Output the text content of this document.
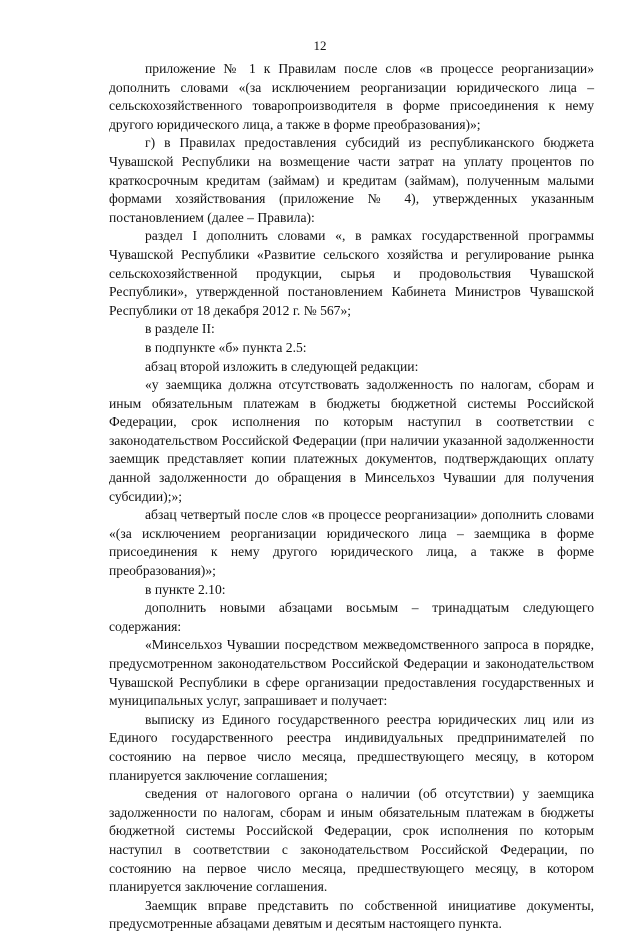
12

приложение № 1 к Правилам после слов «в процессе реорганизации» дополнить словами «(за исключением реорганизации юридического лица – сельскохозяйственного товаропроизводителя в форме присоединения к нему другого юридического лица, а также в форме преобразования)»;

г) в Правилах предоставления субсидий из республиканского бюджета Чувашской Республики на возмещение части затрат на уплату процентов по краткосрочным кредитам (займам) и кредитам (займам), полученным малыми формами хозяйствования (приложение № 4), утвержденных указанным постановлением (далее – Правила):

раздел I дополнить словами «, в рамках государственной программы Чувашской Республики «Развитие сельского хозяйства и регулирование рынка сельскохозяйственной продукции, сырья и продовольствия Чувашской Республики», утвержденной постановлением Кабинета Министров Чувашской Республики от 18 декабря 2012 г. № 567»;

в разделе II:

в подпункте «б» пункта 2.5:

абзац второй изложить в следующей редакции:

«у заемщика должна отсутствовать задолженность по налогам, сборам и иным обязательным платежам в бюджеты бюджетной системы Российской Федерации, срок исполнения по которым наступил в соответствии с законодательством Российской Федерации (при наличии указанной задолженности заемщик представляет копии платежных документов, подтверждающих оплату данной задолженности до обращения в Минсельхоз Чувашии для получения субсидии);»;

абзац четвертый после слов «в процессе реорганизации» дополнить словами «(за исключением реорганизации юридического лица – заемщика в форме присоединения к нему другого юридического лица, а также в форме преобразования)»;

в пункте 2.10:

дополнить новыми абзацами восьмым – тринадцатым следующего содержания:

«Минсельхоз Чувашии посредством межведомственного запроса в порядке, предусмотренном законодательством Российской Федерации и законодательством Чувашской Республики в сфере организации предоставления государственных и муниципальных услуг, запрашивает и получает:

выписку из Единого государственного реестра юридических лиц или из Единого государственного реестра индивидуальных предпринимателей по состоянию на первое число месяца, предшествующего месяцу, в котором планируется заключение соглашения;

сведения от налогового органа о наличии (об отсутствии) у заемщика задолженности по налогам, сборам и иным обязательным платежам в бюджеты бюджетной системы Российской Федерации, срок исполнения по которым наступил в соответствии с законодательством Российской Федерации, по состоянию на первое число месяца, предшествующего месяцу, в котором планируется заключение соглашения.

Заемщик вправе представить по собственной инициативе документы, предусмотренные абзацами девятым и десятым настоящего пункта.
